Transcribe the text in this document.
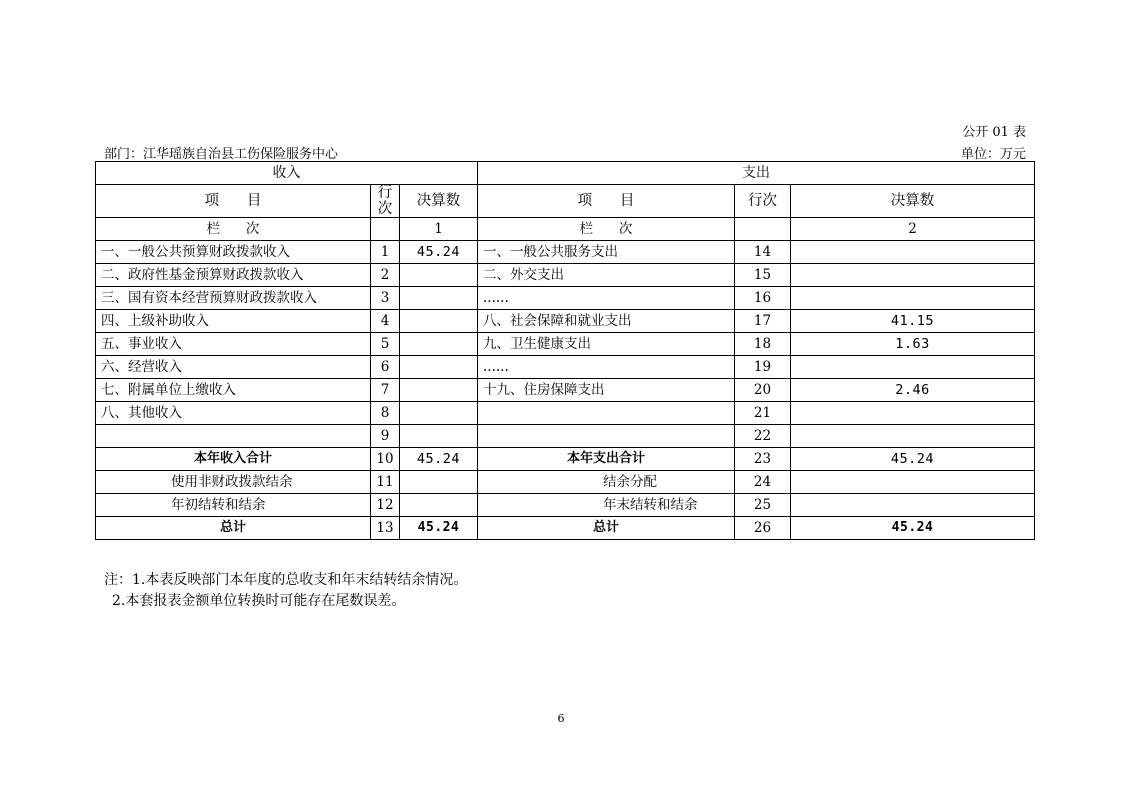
公开 01 表
部门：江华瑶族自治县工伤保险服务中心	单位：万元
收入			支出		
项      目	行次	决算数	项      目	行次	决算数
栏      次		1	栏      次		2
一、一般公共预算财政拨款收入	1	45.24	一、一般公共服务支出	14	
二、政府性基金预算财政拨款收入	2		二、外交支出	15	
三、国有资本经营预算财政拨款收入	3		......	16	
四、上级补助收入	4		八、社会保障和就业支出	17	41.15
五、事业收入	5		九、卫生健康支出	18	1.63
六、经营收入	6		......	19	
七、附属单位上缴收入	7		十九、住房保障支出	20	2.46
八、其他收入	8			21	
	9			22	
本年收入合计	10	45.24	本年支出合计	23	45.24
使用非财政拨款结余	11		结余分配	24	
年初结转和结余	12		年末结转和结余	25	
总计	13	45.24	总计	26	45.24
注：1.本表反映部门本年度的总收支和年末结转结余情况。
2.本套报表金额单位转换时可能存在尾数误差。
6
